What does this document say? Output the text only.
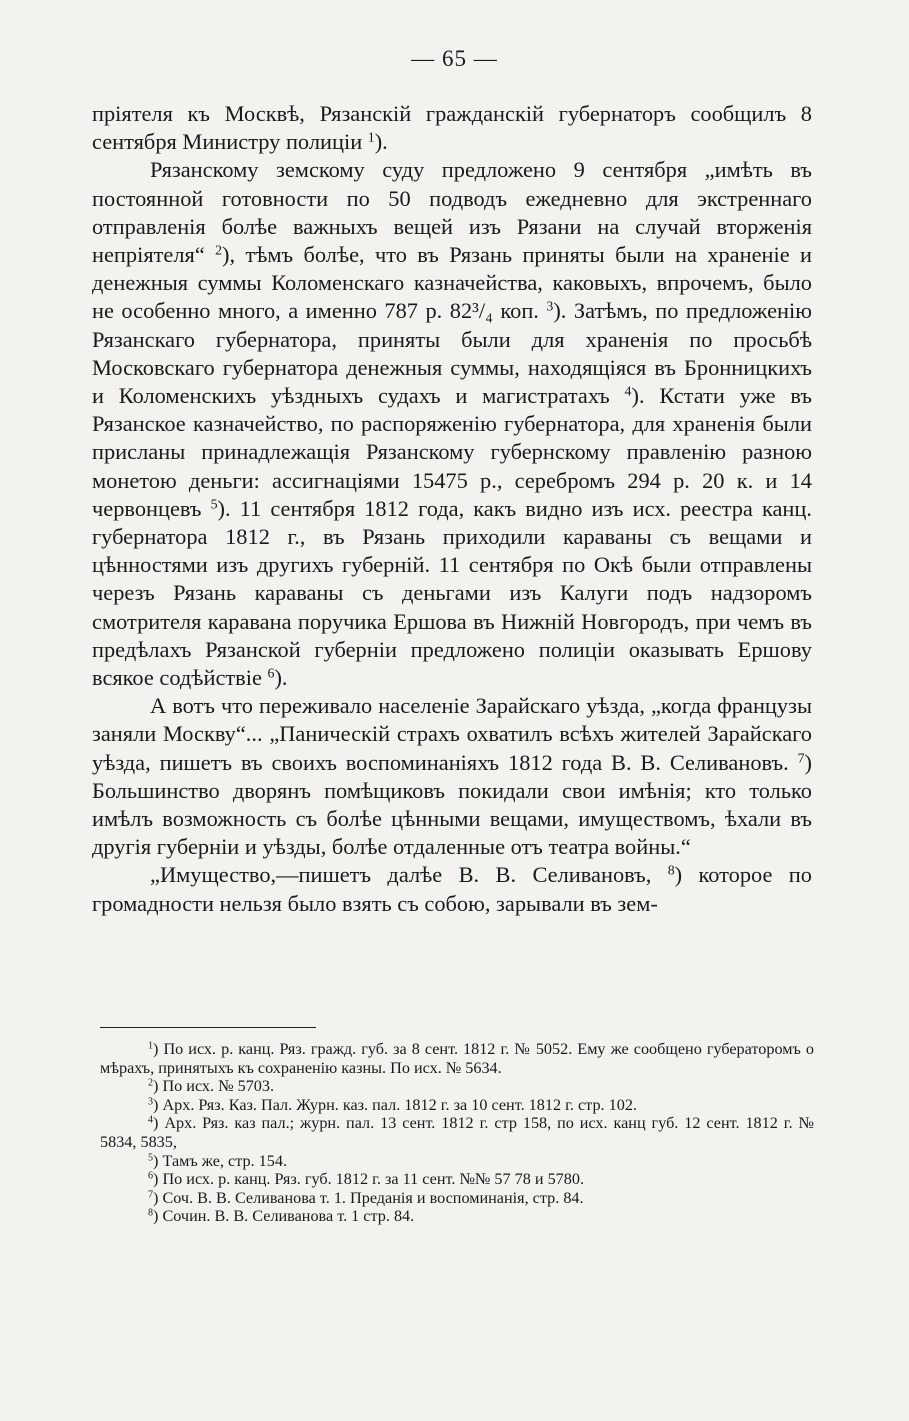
— 65 —

пріятеля къ Москвѣ, Рязанскій гражданскій губернаторъ сообщилъ 8 сентября Министру полиціи $^1$).

Рязанскому земскому суду предложено 9 сентября „имѣть въ постоянной готовности по 50 подводъ ежедневно для экстреннаго отправленія болѣе важныхъ вещей изъ Рязани на случай вторженія непріятеля“ $^2$), тѣмъ болѣе, что въ Рязань приняты были на храненіе и денежныя суммы Коломенскаго казначейства, каковыхъ, впрочемъ, было не особенно много, а именно 787 р. 82³/₄ коп. $^3$). Затѣмъ, по предложенію Рязанскаго губернатора, приняты были для храненія по просьбѣ Московскаго губернатора денежныя суммы, находящіяся въ Бронницкихъ и Коломенскихъ уѣздныхъ судахъ и магистратахъ $^4$). Кстати уже въ Рязанское казначейство, по распоряженію губернатора, для храненія были присланы принадлежащія Рязанскому губернскому правленію разною монетою деньги: ассигнаціями 15475 р., серебромъ 294 р. 20 к. и 14 червонцевъ $^5$). 11 сентября 1812 года, какъ видно изъ исх. реестра канц. губернатора 1812 г., въ Рязань приходили караваны съ вещами и цѣнностями изъ другихъ губерній. 11 сентября по Окѣ были отправлены черезъ Рязань караваны съ деньгами изъ Калуги подъ надзоромъ смотрителя каравана поручика Ершова въ Нижній Новгородъ, при чемъ въ предѣлахъ Рязанской губерніи предложено полиціи оказывать Ершову всякое содѣйствіе $^6$).

А вотъ что переживало населеніе Зарайскаго уѣзда, „когда французы заняли Москву“... „Паническій страхъ охватилъ всѣхъ жителей Зарайскаго уѣзда, пишетъ въ своихъ воспоминаніяхъ 1812 года В. В. Селивановъ. $^7$) Большинство дворянъ помѣщиковъ покидали свои имѣнія; кто только имѣлъ возможность съ болѣе цѣнными вещами, имуществомъ, ѣхали въ другія губерніи и уѣзды, болѣе отдаленные отъ театра войны.“

„Имущество,—пишетъ далѣе В. В. Селивановъ, $^8$) которое по громадности нельзя было взять съ собою, зарывали въ зем-

$^1$) По исх. р. канц. Ряз. гражд. губ. за 8 сент. 1812 г. № 5052. Ему же сообщено губераторомъ о мѣрахъ, принятыхъ къ сохраненію казны. По исх. № 5634.
$^2$) По исх. № 5703.
$^3$) Арх. Ряз. Каз. Пал. Журн. каз. пал. 1812 г. за 10 сент. 1812 г. стр. 102.
$^4$) Арх. Ряз. каз пал.; журн. пал. 13 сент. 1812 г. стр 158, по исх. канц губ. 12 сент. 1812 г. № 5834, 5835,
$^5$) Тамъ же, стр. 154.
$^6$) По исх. р. канц. Ряз. губ. 1812 г. за 11 сент. №№ 57 78 и 5780.
$^7$) Соч. В. В. Селиванова т. 1. Преданія и воспоминанія, стр. 84.
$^8$) Сочин. В. В. Селиванова т. 1 стр. 84.
